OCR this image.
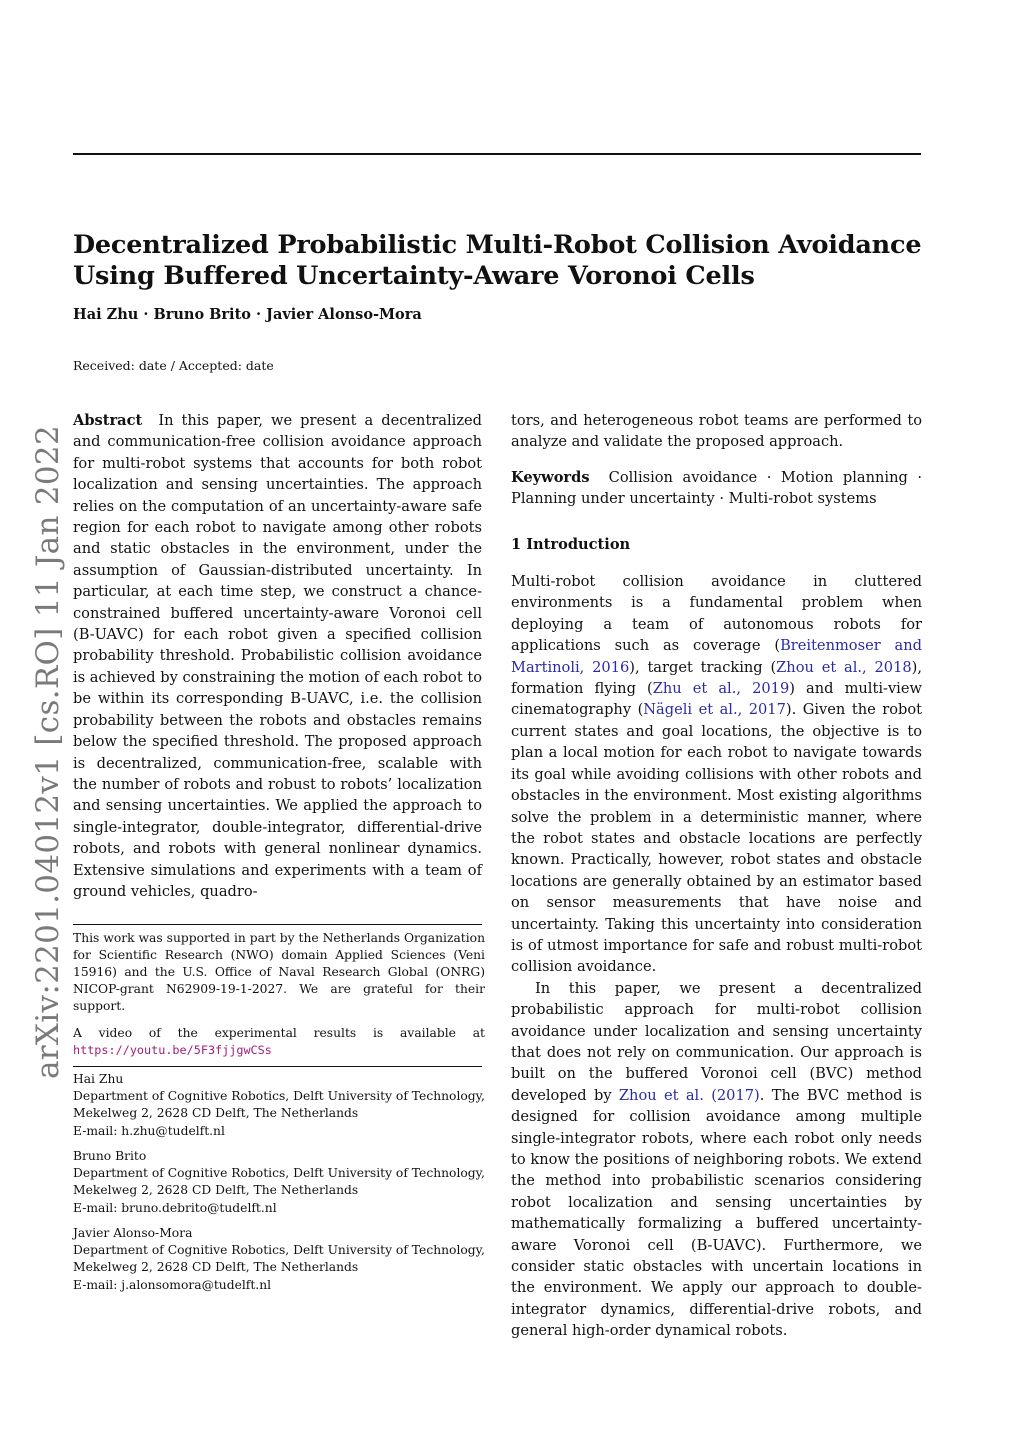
arXiv:2201.04012v1 [cs.RO] 11 Jan 2022
Decentralized Probabilistic Multi-Robot Collision Avoidance
Using Buffered Uncertainty-Aware Voronoi Cells
Hai Zhu · Bruno Brito · Javier Alonso-Mora
Received: date / Accepted: date

Abstract In this paper, we present a decentralized and communication-free collision avoidance approach for multi-robot systems that accounts for both robot localization and sensing uncertainties. The approach relies on the computation of an uncertainty-aware safe region for each robot to navigate among other robots and static obstacles in the environment, under the assumption of Gaussian-distributed uncertainty. In particular, at each time step, we construct a chance-constrained buffered uncertainty-aware Voronoi cell (B-UAVC) for each robot given a specified collision probability threshold. Probabilistic collision avoidance is achieved by constraining the motion of each robot to be within its corresponding B-UAVC, i.e. the collision probability between the robots and obstacles remains below the specified threshold. The proposed approach is decentralized, communication-free, scalable with the number of robots and robust to robots’ localization and sensing uncertainties. We applied the approach to single-integrator, double-integrator, differential-drive robots, and robots with general nonlinear dynamics. Extensive simulations and experiments with a team of ground vehicles, quadro-

This work was supported in part by the Netherlands Organization for Scientific Research (NWO) domain Applied Sciences (Veni 15916) and the U.S. Office of Naval Research Global (ONRG) NICOP-grant N62909-19-1-2027. We are grateful for their support.
A video of the experimental results is available at https://youtu.be/5F3fjjgwCSs
Hai Zhu
Department of Cognitive Robotics, Delft University of Technology, Mekelweg 2, 2628 CD Delft, The Netherlands
E-mail: h.zhu@tudelft.nl
Bruno Brito
Department of Cognitive Robotics, Delft University of Technology, Mekelweg 2, 2628 CD Delft, The Netherlands
E-mail: bruno.debrito@tudelft.nl
Javier Alonso-Mora
Department of Cognitive Robotics, Delft University of Technology, Mekelweg 2, 2628 CD Delft, The Netherlands
E-mail: j.alonsomora@tudelft.nl

tors, and heterogeneous robot teams are performed to analyze and validate the proposed approach.

Keywords Collision avoidance · Motion planning · Planning under uncertainty · Multi-robot systems

1 Introduction

Multi-robot collision avoidance in cluttered environments is a fundamental problem when deploying a team of autonomous robots for applications such as coverage (Breitenmoser and Martinoli, 2016), target tracking (Zhou et al., 2018), formation flying (Zhu et al., 2019) and multi-view cinematography (Nägeli et al., 2017). Given the robot current states and goal locations, the objective is to plan a local motion for each robot to navigate towards its goal while avoiding collisions with other robots and obstacles in the environment. Most existing algorithms solve the problem in a deterministic manner, where the robot states and obstacle locations are perfectly known. Practically, however, robot states and obstacle locations are generally obtained by an estimator based on sensor measurements that have noise and uncertainty. Taking this uncertainty into consideration is of utmost importance for safe and robust multi-robot collision avoidance.

In this paper, we present a decentralized probabilistic approach for multi-robot collision avoidance under localization and sensing uncertainty that does not rely on communication. Our approach is built on the buffered Voronoi cell (BVC) method developed by Zhou et al. (2017). The BVC method is designed for collision avoidance among multiple single-integrator robots, where each robot only needs to know the positions of neighboring robots. We extend the method into probabilistic scenarios considering robot localization and sensing uncertainties by mathematically formalizing a buffered uncertainty-aware Voronoi cell (B-UAVC). Furthermore, we consider static obstacles with uncertain locations in the environment. We apply our approach to double-integrator dynamics, differential-drive robots, and general high-order dynamical robots.
